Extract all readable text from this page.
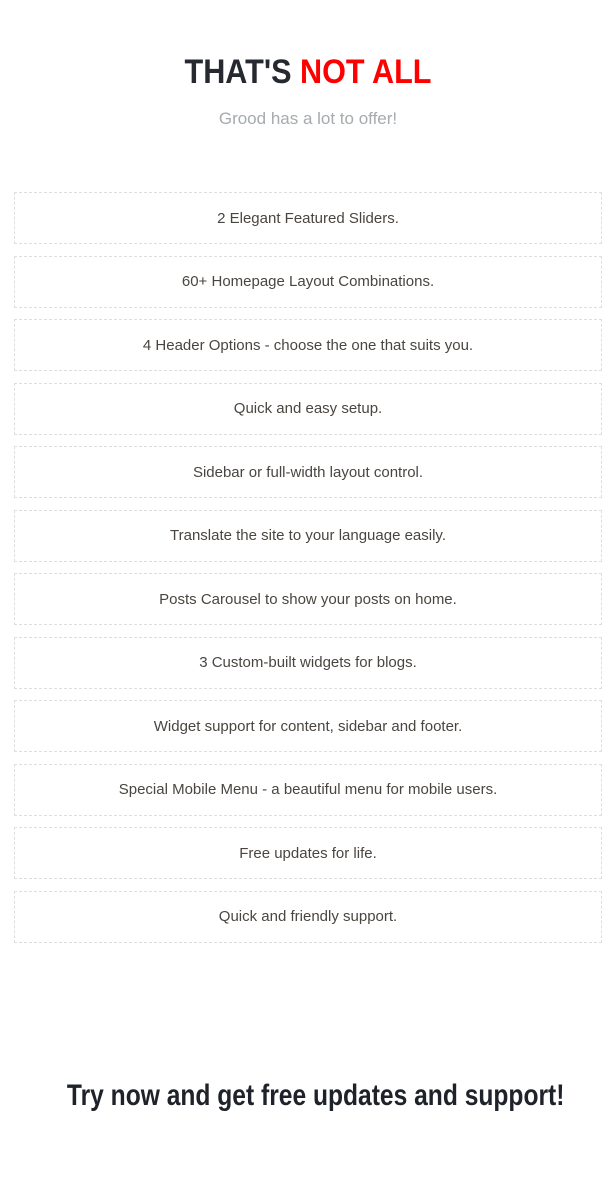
THAT'S NOT ALL

Grood has a lot to offer!

2 Elegant Featured Sliders.
60+ Homepage Layout Combinations.
4 Header Options - choose the one that suits you.
Quick and easy setup.
Sidebar or full-width layout control.
Translate the site to your language easily.
Posts Carousel to show your posts on home.
3 Custom-built widgets for blogs.
Widget support for content, sidebar and footer.
Special Mobile Menu - a beautiful menu for mobile users.
Free updates for life.
Quick and friendly support.
Try now and get free updates and support!
